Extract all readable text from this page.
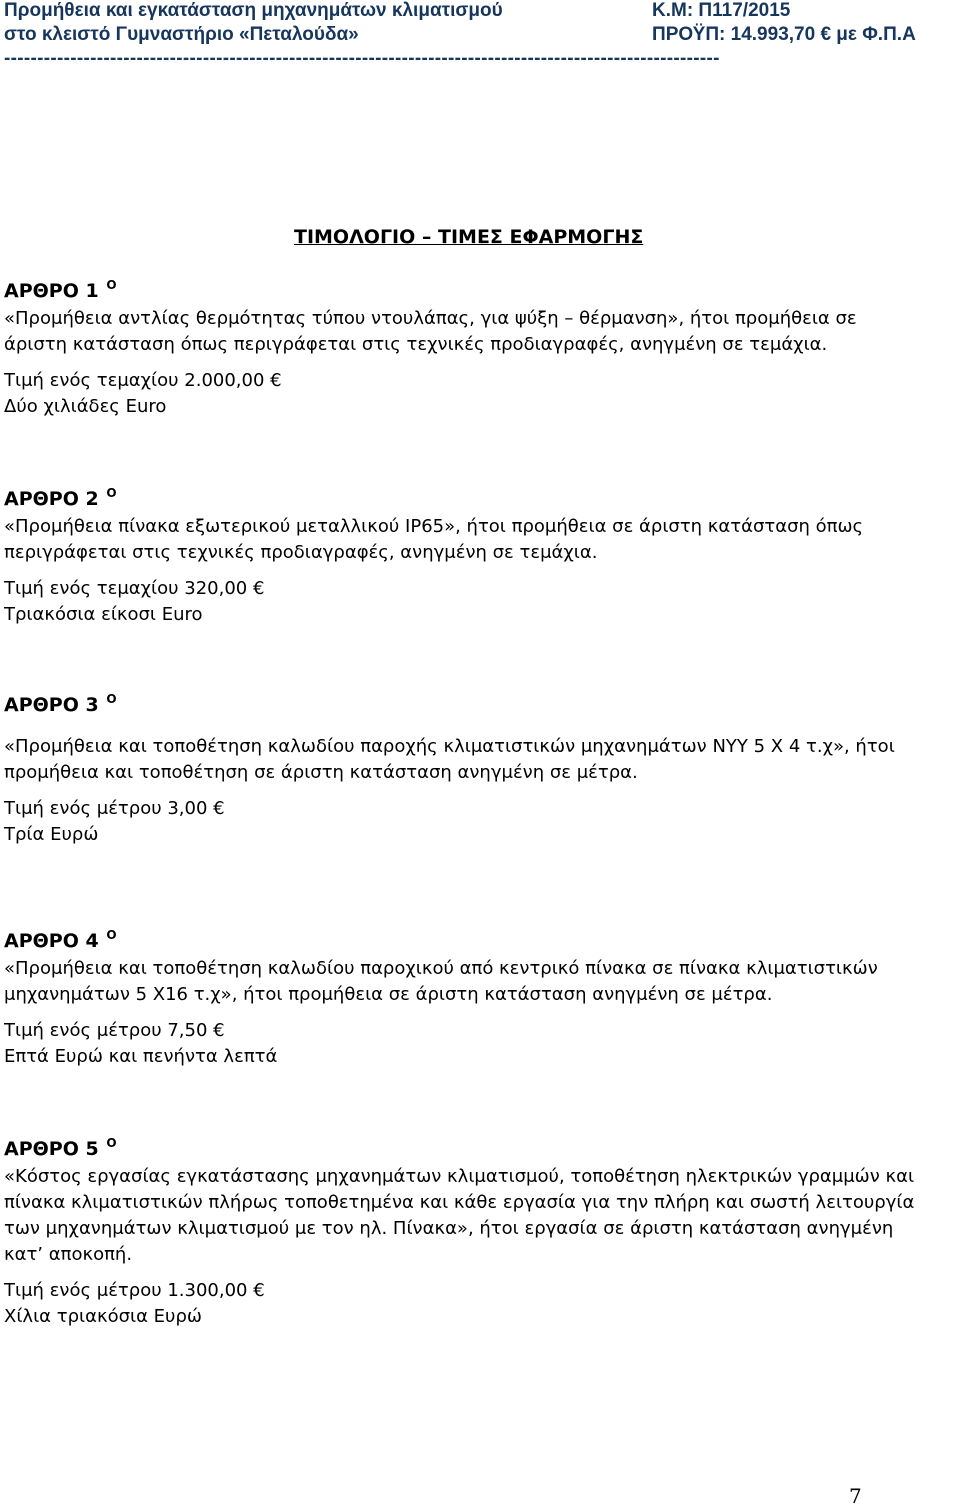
Προμήθεια και εγκατάσταση μηχανημάτων κλιματισμού	Κ.Μ: Π117/2015
στο κλειστό Γυμναστήριο «Πεταλούδα»	ΠΡΟΫΠ: 14.993,70 € με Φ.Π.Α
------------------------------------------------------------------------------------------------------------
ΤΙΜΟΛΟΓΙΟ – ΤΙΜΕΣ ΕΦΑΡΜΟΓΗΣ
ΑΡΘΡΟ 1 $^O$
«Προμήθεια αντλίας θερμότητας τύπου ντουλάπας, για ψύξη – θέρμανση», ήτοι προμήθεια σε
άριστη κατάσταση όπως περιγράφεται στις τεχνικές προδιαγραφές, ανηγμένη σε τεμάχια.
Τιμή ενός τεμαχίου 2.000,00 €
Δύο χιλιάδες Euro
ΑΡΘΡΟ 2 $^O$
«Προμήθεια πίνακα εξωτερικού μεταλλικού IP65», ήτοι προμήθεια σε άριστη κατάσταση όπως
περιγράφεται στις τεχνικές προδιαγραφές, ανηγμένη σε τεμάχια.
Τιμή ενός τεμαχίου 320,00 €
Τριακόσια είκοσι Euro
ΑΡΘΡΟ 3 $^O$
«Προμήθεια και τοποθέτηση καλωδίου παροχής κλιματιστικών μηχανημάτων NYY 5 X 4 τ.χ», ήτοι
προμήθεια και τοποθέτηση σε άριστη κατάσταση ανηγμένη σε μέτρα.
Τιμή ενός μέτρου 3,00 €
Τρία Ευρώ
ΑΡΘΡΟ 4 $^O$
«Προμήθεια και τοποθέτηση καλωδίου παροχικού από κεντρικό πίνακα σε πίνακα κλιματιστικών
μηχανημάτων 5 X16 τ.χ», ήτοι προμήθεια σε άριστη κατάσταση ανηγμένη σε μέτρα.
Τιμή ενός μέτρου 7,50 €
Επτά Ευρώ και πενήντα λεπτά
ΑΡΘΡΟ 5 $^O$
«Κόστος εργασίας εγκατάστασης μηχανημάτων κλιματισμού, τοποθέτηση ηλεκτρικών γραμμών και
πίνακα κλιματιστικών πλήρως τοποθετημένα και κάθε εργασία για την πλήρη και σωστή λειτουργία
των μηχανημάτων κλιματισμού με τον ηλ. Πίνακα», ήτοι εργασία σε άριστη κατάσταση ανηγμένη
κατ’ αποκοπή.
Τιμή ενός μέτρου 1.300,00 €
Χίλια τριακόσια Ευρώ
7
